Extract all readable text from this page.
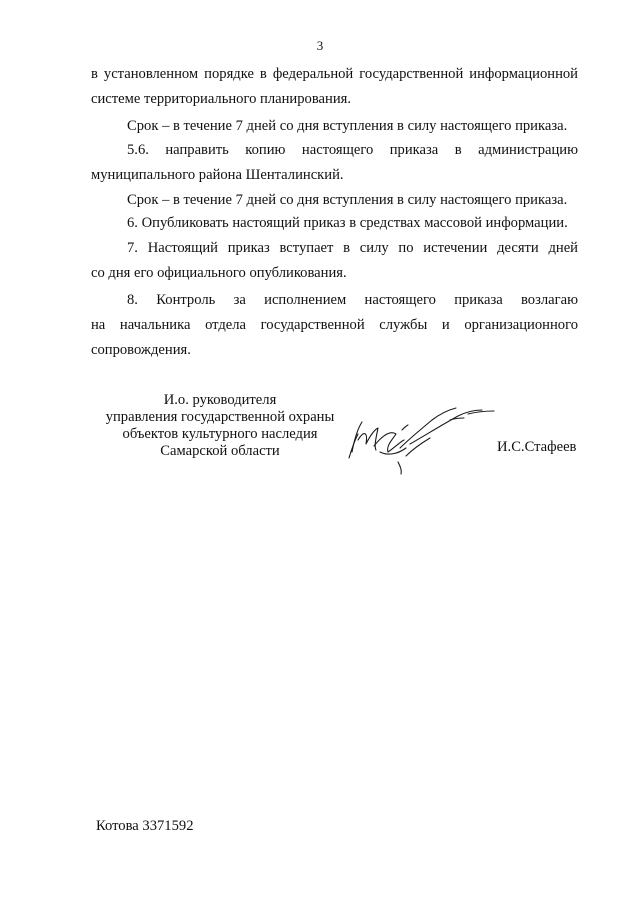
3
в установленном порядке в федеральной государственной информационной
системе территориального планирования.
Срок – в течение 7 дней со дня вступления в силу настоящего приказа.
5.6. направить копию настоящего приказа в администрацию
муниципального района Шенталинский.
Срок – в течение 7 дней со дня вступления в силу настоящего приказа.
6. Опубликовать настоящий приказ в средствах массовой информации.
7. Настоящий приказ вступает в силу по истечении десяти дней
со дня его официального опубликования.
8. Контроль за исполнением настоящего приказа возлагаю
на начальника отдела государственной службы и организационного
сопровождения.
И.о. руководителя
управления государственной охраны
объектов культурного наследия
Самарской области	И.С.Стафеев
Котова 3371592
